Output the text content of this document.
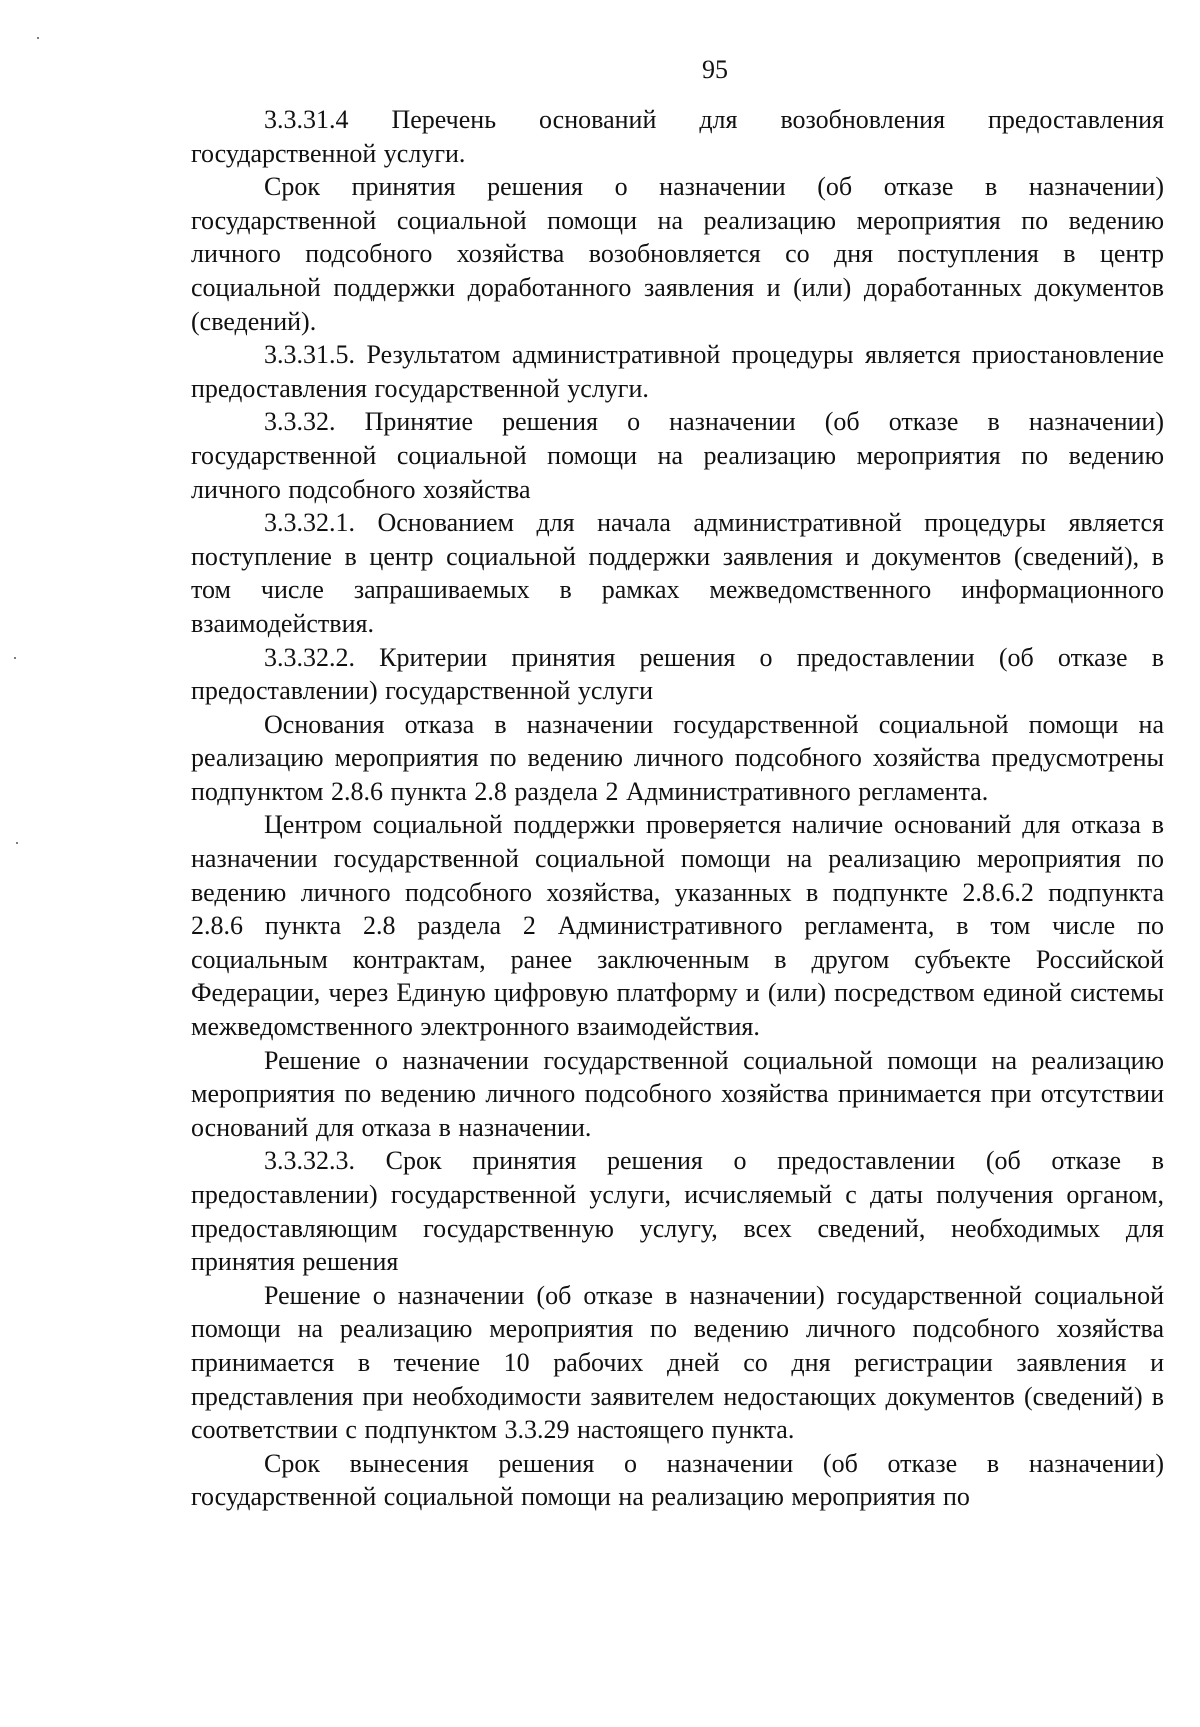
95

3.3.31.4 Перечень оснований для возобновления предоставления государственной услуги.

Срок принятия решения о назначении (об отказе в назначении) государственной социальной помощи на реализацию мероприятия по ведению личного подсобного хозяйства возобновляется со дня поступления в центр социальной поддержки доработанного заявления и (или) доработанных документов (сведений).

3.3.31.5. Результатом административной процедуры является приостановление предоставления государственной услуги.

3.3.32. Принятие решения о назначении (об отказе в назначении) государственной социальной помощи на реализацию мероприятия по ведению личного подсобного хозяйства

3.3.32.1. Основанием для начала административной процедуры является поступление в центр социальной поддержки заявления и документов (сведений), в том числе запрашиваемых в рамках межведомственного информационного взаимодействия.

3.3.32.2. Критерии принятия решения о предоставлении (об отказе в предоставлении) государственной услуги

Основания отказа в назначении государственной социальной помощи на реализацию мероприятия по ведению личного подсобного хозяйства предусмотрены подпунктом 2.8.6 пункта 2.8 раздела 2 Административного регламента.

Центром социальной поддержки проверяется наличие оснований для отказа в назначении государственной социальной помощи на реализацию мероприятия по ведению личного подсобного хозяйства, указанных в подпункте 2.8.6.2 подпункта 2.8.6 пункта 2.8 раздела 2 Административного регламента, в том числе по социальным контрактам, ранее заключенным в другом субъекте Российской Федерации, через Единую цифровую платформу и (или) посредством единой системы межведомственного электронного взаимодействия.

Решение о назначении государственной социальной помощи на реализацию мероприятия по ведению личного подсобного хозяйства принимается при отсутствии оснований для отказа в назначении.

3.3.32.3. Срок принятия решения о предоставлении (об отказе в предоставлении) государственной услуги, исчисляемый с даты получения органом, предоставляющим государственную услугу, всех сведений, необходимых для принятия решения

Решение о назначении (об отказе в назначении) государственной социальной помощи на реализацию мероприятия по ведению личного подсобного хозяйства принимается в течение 10 рабочих дней со дня регистрации заявления и представления при необходимости заявителем недостающих документов (сведений) в соответствии с подпунктом 3.3.29 настоящего пункта.

Срок вынесения решения о назначении (об отказе в назначении) государственной социальной помощи на реализацию мероприятия по
